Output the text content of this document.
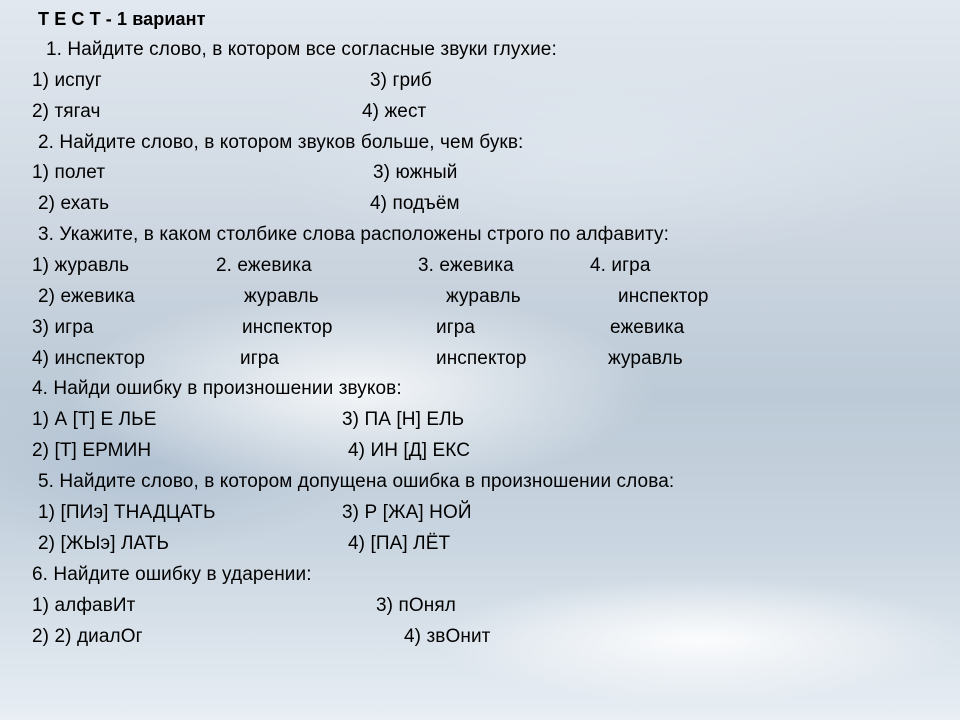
Т Е С Т - 1 вариант
1. Найдите слово, в котором все согласные звуки глухие:
1) испуг	3) гриб
2) тягач	4) жест
2. Найдите слово, в котором звуков больше, чем букв:
1) полет	3) южный
2) ехать	4) подъём
3. Укажите, в каком столбике слова расположены строго по алфавиту:
1) журавль	2. ежевика	3. ежевика	4. игра
2) ежевика	журавль	журавль	инспектор
3) игра	инспектор	игра	ежевика
4) инспектор	игра	инспектор	журавль
4. Найди ошибку в произношении звуков:
1) А [Т] Е ЛЬЕ	3) ПА [Н] ЕЛЬ
2) [Т] ЕРМИН	4) ИН [Д] ЕКС
5. Найдите слово, в котором допущена ошибка в произношении слова:
1) [ПИэ] ТНАДЦАТЬ	3) Р [ЖА] НОЙ
2) [ЖЫэ] ЛАТЬ	4) [ПА] ЛЁТ
6. Найдите ошибку в ударении:
1) алфавИт	3) пОнял
2) 2) диалОг	4) звОнит
